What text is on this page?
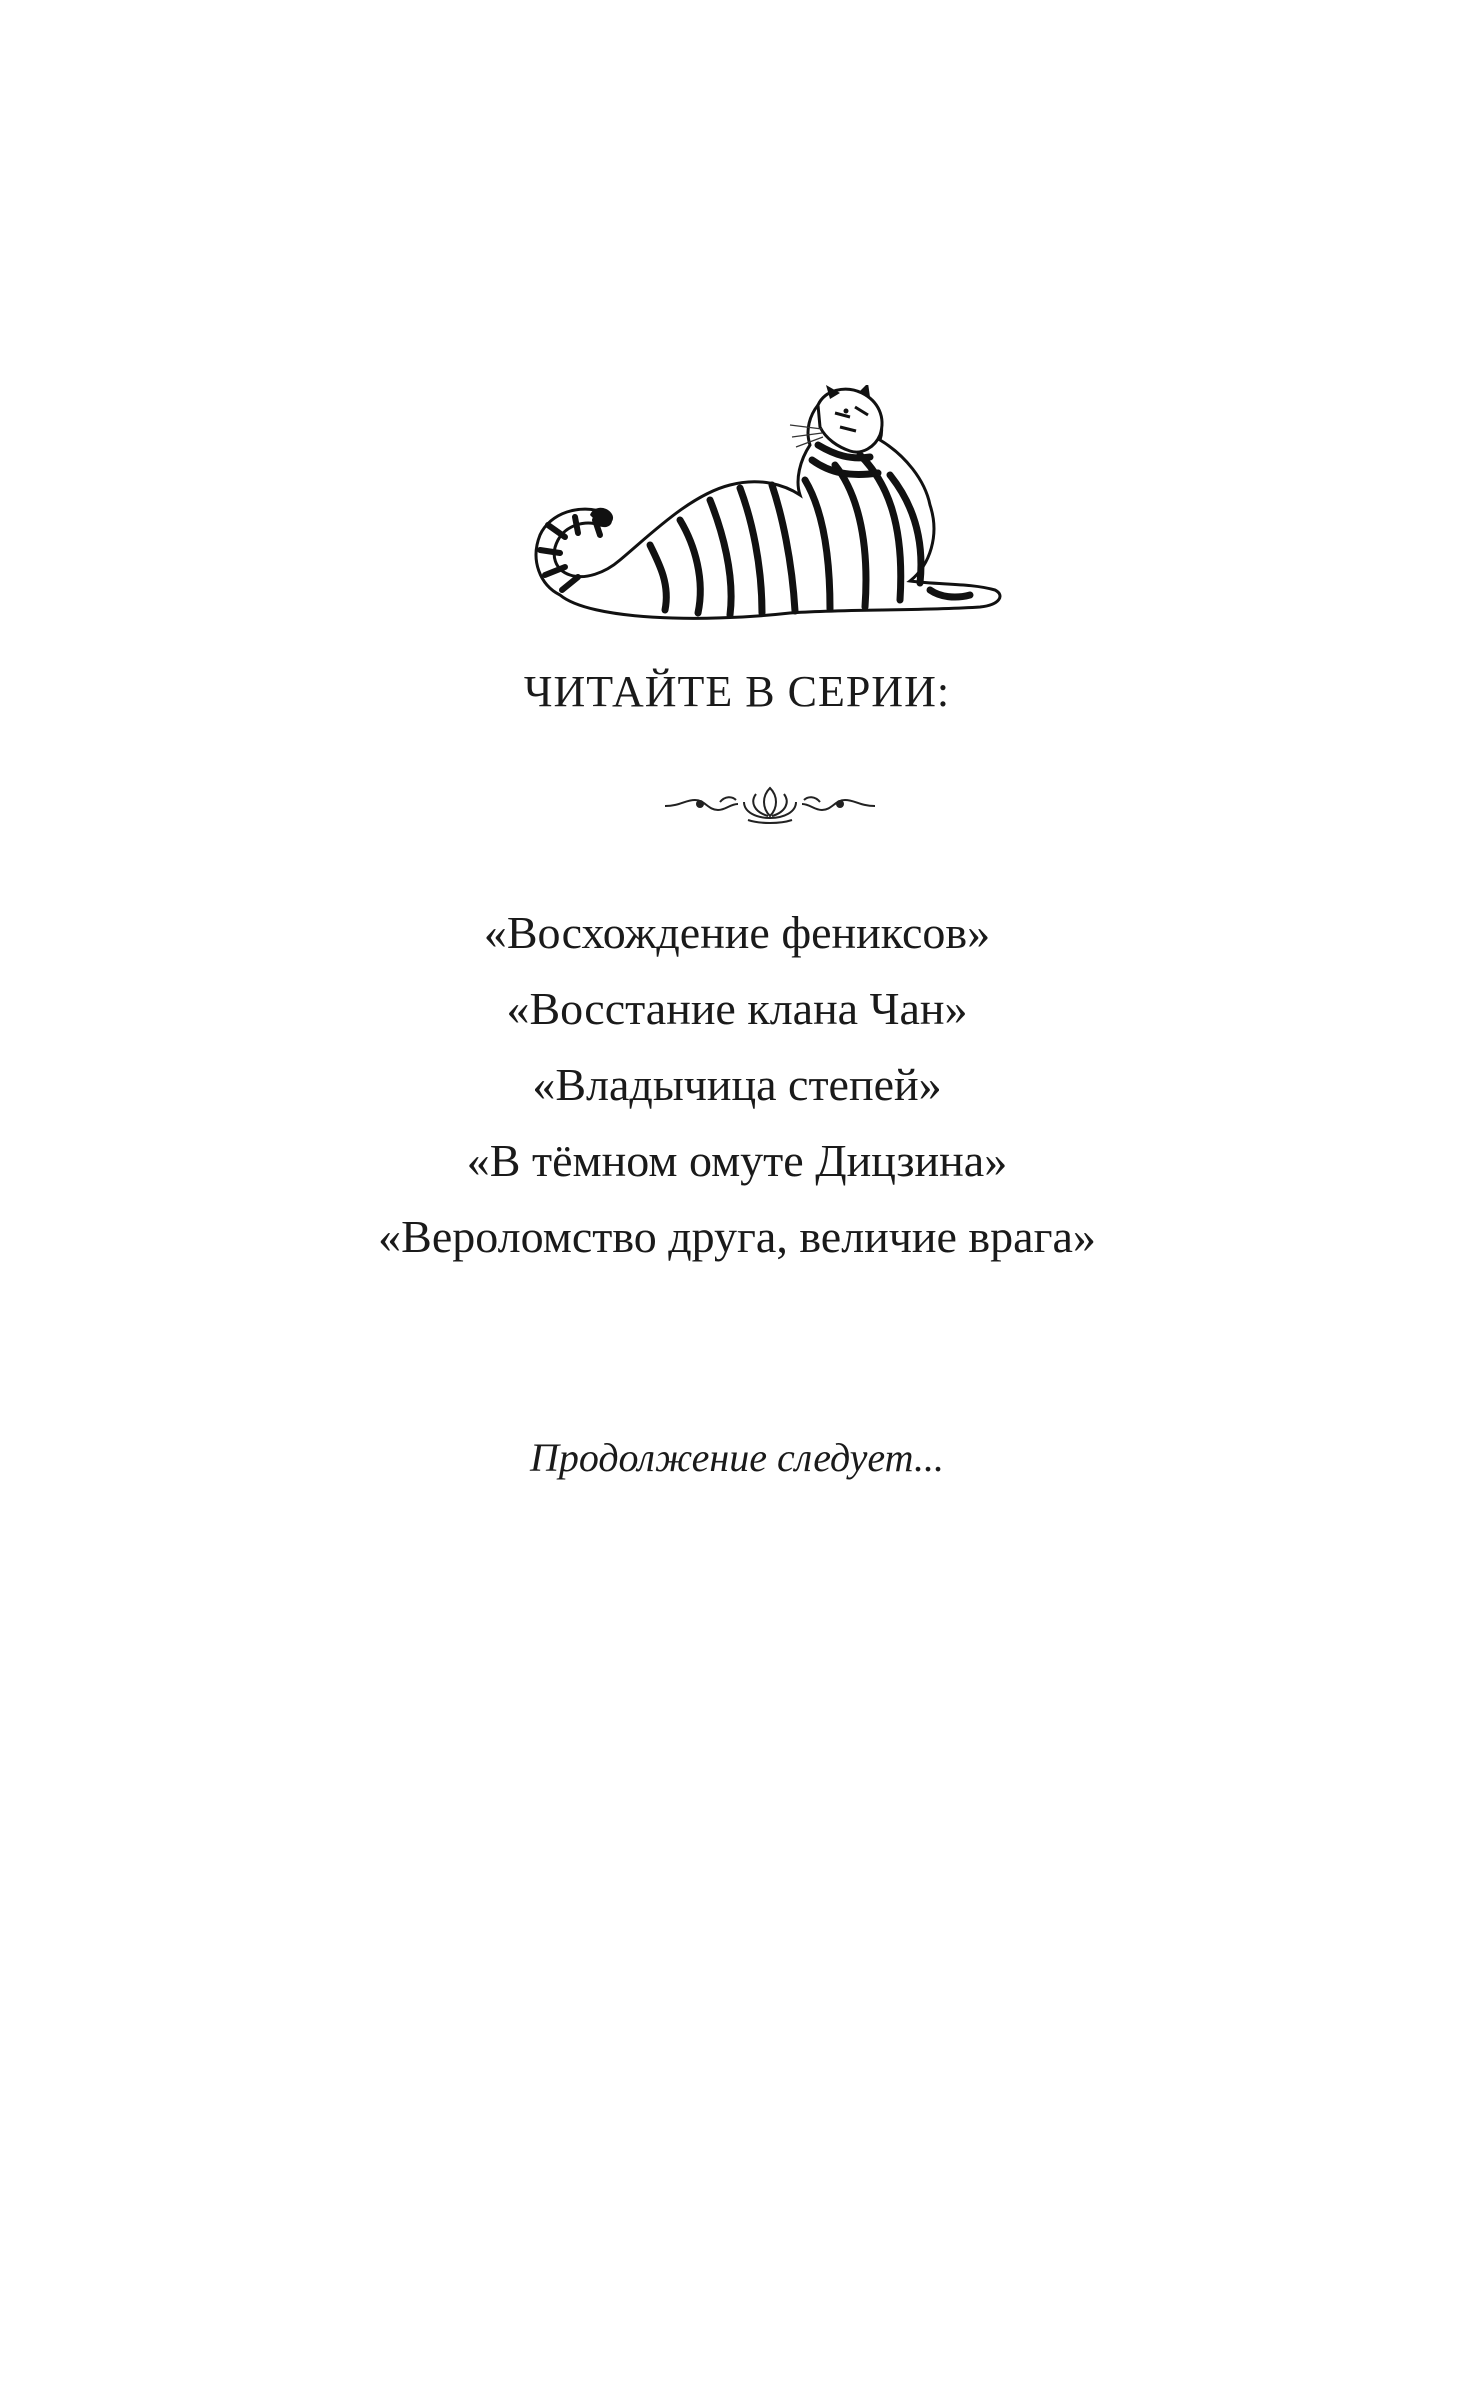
ЧИТАЙТЕ В СЕРИИ:
«Восхождение фениксов»
«Восстание клана Чан»
«Владычица степей»
«В тёмном омуте Дицзина»
«Вероломство друга, величие врага»
Продолжение следует...
